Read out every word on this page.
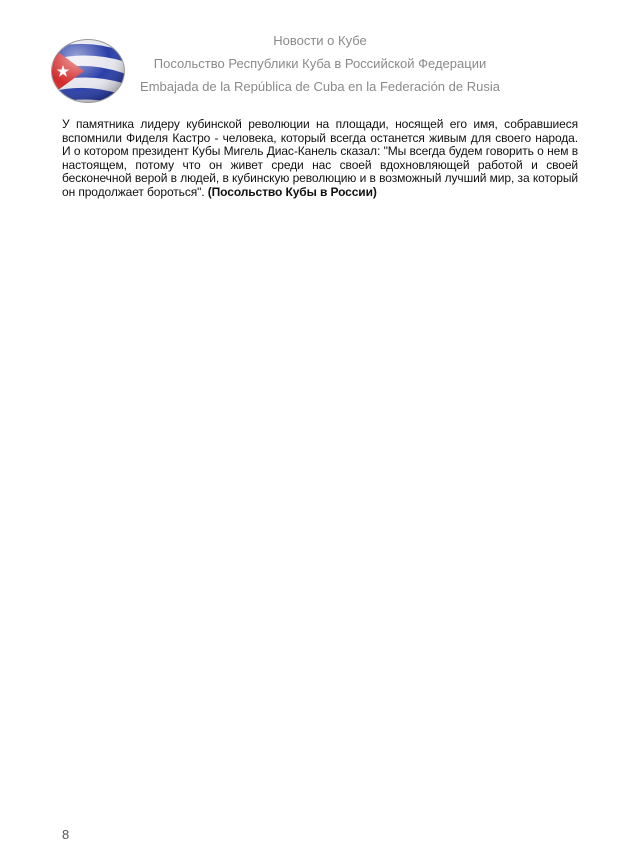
Новости о Кубе
Посольство Республики Куба в Российской Федерации
Embajada de la República de Cuba en la Federación de Rusia
У памятника лидеру кубинской революции на площади, носящей его имя, собравшиеся вспомнили Фиделя Кастро - человека, который всегда останется живым для своего народа. И о котором президент Кубы Мигель Диас-Канель сказал: "Мы всегда будем говорить о нем в настоящем, потому что он живет среди нас своей вдохновляющей работой и своей бесконечной верой в людей, в кубинскую революцию и в возможный лучший мир, за который он продолжает бороться". (Посольство Кубы в России)
8
